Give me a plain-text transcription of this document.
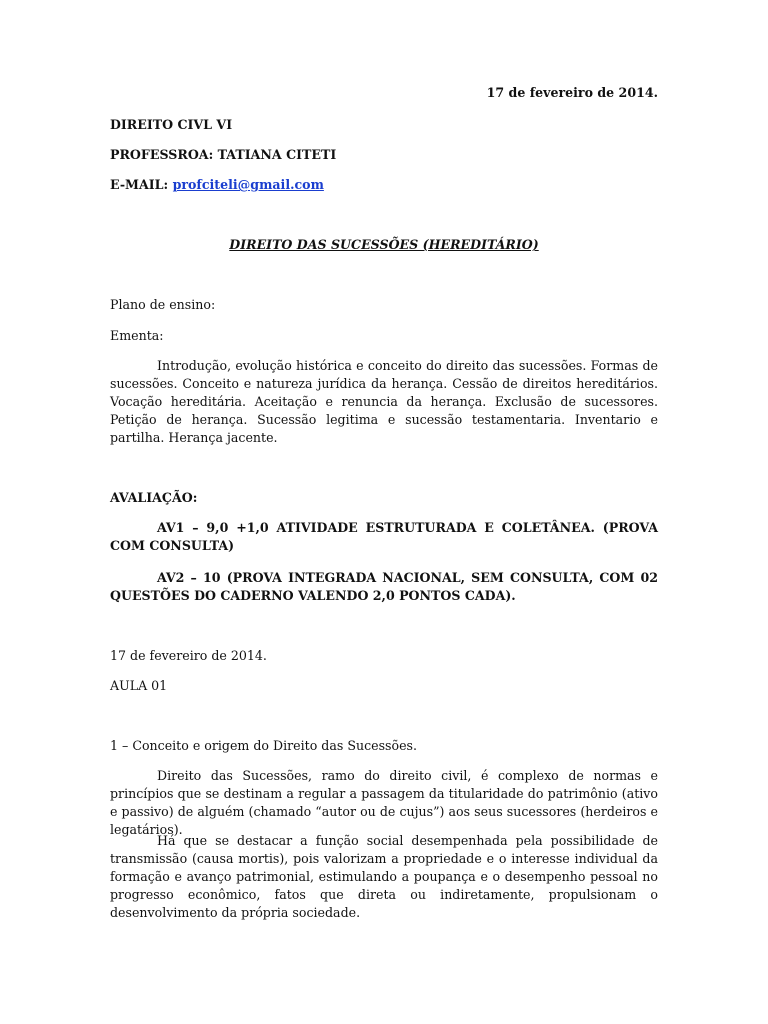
17 de fevereiro de 2014.

DIREITO CIVL VI

PROFESSROA: TATIANA CITETI

E-MAIL: profciteli@gmail.com

DIREITO DAS SUCESSÕES (HEREDITÁRIO)

Plano de ensino:

Ementa:

Introdução, evolução histórica e conceito do direito das sucessões. Formas de sucessões. Conceito e natureza jurídica da herança. Cessão de direitos hereditários. Vocação hereditária. Aceitação e renuncia da herança. Exclusão de sucessores. Petição de herança. Sucessão legitima e sucessão testamentaria. Inventario e partilha. Herança jacente.

AVALIAÇÃO:

AV1 – 9,0 +1,0 ATIVIDADE ESTRUTURADA E COLETÂNEA. (PROVA COM CONSULTA)

AV2 – 10 (PROVA INTEGRADA NACIONAL, SEM CONSULTA, COM 02 QUESTÕES DO CADERNO VALENDO 2,0 PONTOS CADA).

17 de fevereiro de 2014.

AULA 01

1 – Conceito e origem do Direito das Sucessões.

Direito das Sucessões, ramo do direito civil, é complexo de normas e princípios que se destinam a regular a passagem da titularidade do patrimônio (ativo e passivo) de alguém (chamado “autor ou de cujus”) aos seus sucessores (herdeiros e legatários).

Há que se destacar a função social desempenhada pela possibilidade de transmissão (causa mortis), pois valorizam a propriedade e o interesse individual da formação e avanço patrimonial, estimulando a poupança e o desempenho pessoal no progresso econômico, fatos que direta ou indiretamente, propulsionam o desenvolvimento da própria sociedade.
